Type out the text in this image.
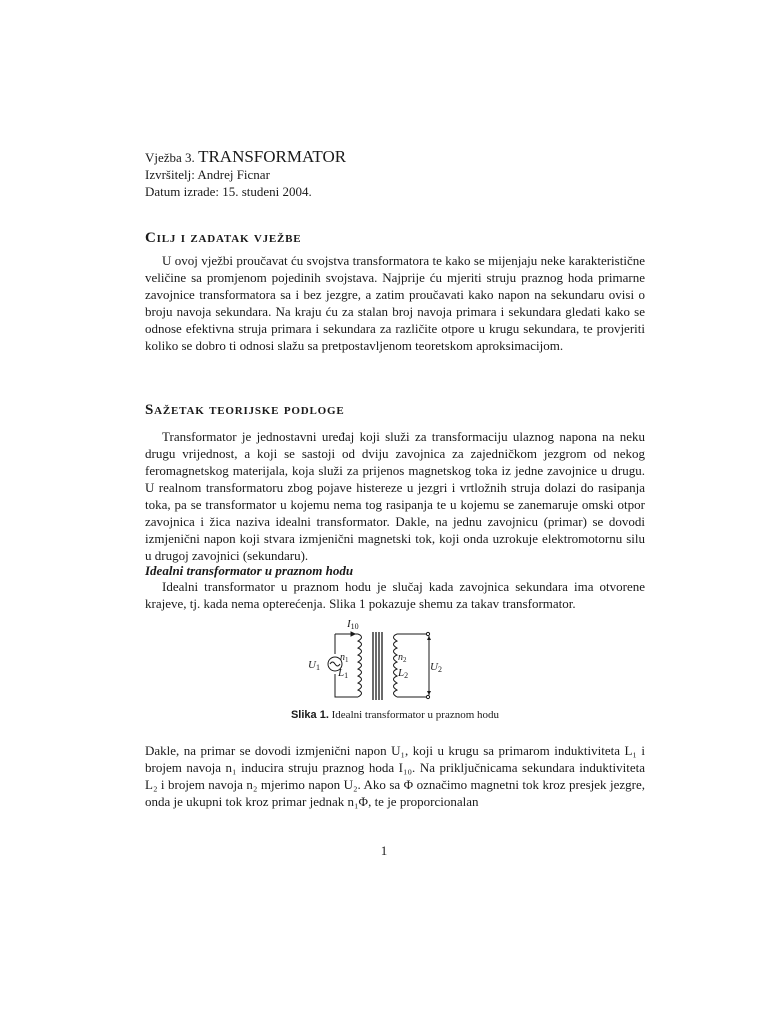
Vježba 3. TRANSFORMATOR
Izvršitelj: Andrej Ficnar
Datum izrade: 15. studeni 2004.
Cilj i zadatak vježbe

U ovoj vježbi proučavat ću svojstva transformatora te kako se mijenjaju neke karakteristične veličine sa promjenom pojedinih svojstava. Najprije ću mjeriti struju praznog hoda primarne zavojnice transformatora sa i bez jezgre, a zatim proučavati kako napon na sekundaru ovisi o broju navoja sekundara. Na kraju ću za stalan broj navoja primara i sekundara gledati kako se odnose efektivna struja primara i sekundara za različite otpore u krugu sekundara, te provjeriti koliko se dobro ti odnosi slažu sa pretpostavljenom teoretskom aproksimacijom.

Sažetak teorijske podloge

Transformator je jednostavni uređaj koji služi za transformaciju ulaznog napona na neku drugu vrijednost, a koji se sastoji od dviju zavojnica za zajedničkom jezgrom od nekog feromagnetskog materijala, koja služi za prijenos magnetskog toka iz jedne zavojnice u drugu. U realnom transformatoru zbog pojave histereze u jezgri i vrtložnih struja dolazi do rasipanja toka, pa se transformator u kojemu nema tog rasipanja te u kojemu se zanemaruje omski otpor zavojnica i žica naziva idealni transformator. Dakle, na jednu zavojnicu (primar) se dovodi izmjenični napon koji stvara izmjenični magnetski tok, koji onda uzrokuje elektromotornu silu u drugoj zavojnici (sekundaru).

Idealni transformator u praznom hodu

Idealni transformator u praznom hodu je slučaj kada zavojnica sekundara ima otvorene krajeve, tj. kada nema opterećenja. Slika 1 pokazuje shemu za takav transformator.

I10
U1
$n_1$
L1
$n_2$
L2
U2
Slika 1. Idealni transformator u praznom hodu

Dakle, na primar se dovodi izmjenični napon U₁, koji u krugu sa primarom induktiviteta L₁ i brojem navoja n₁ inducira struju praznog hoda I₁₀. Na priključnicama sekundara induktiviteta L₂ i brojem navoja n₂ mjerimo napon U₂. Ako sa Φ označimo magnetni tok kroz presjek jezgre, onda je ukupni tok kroz primar jednak n₁Φ, te je proporcionalan

1
